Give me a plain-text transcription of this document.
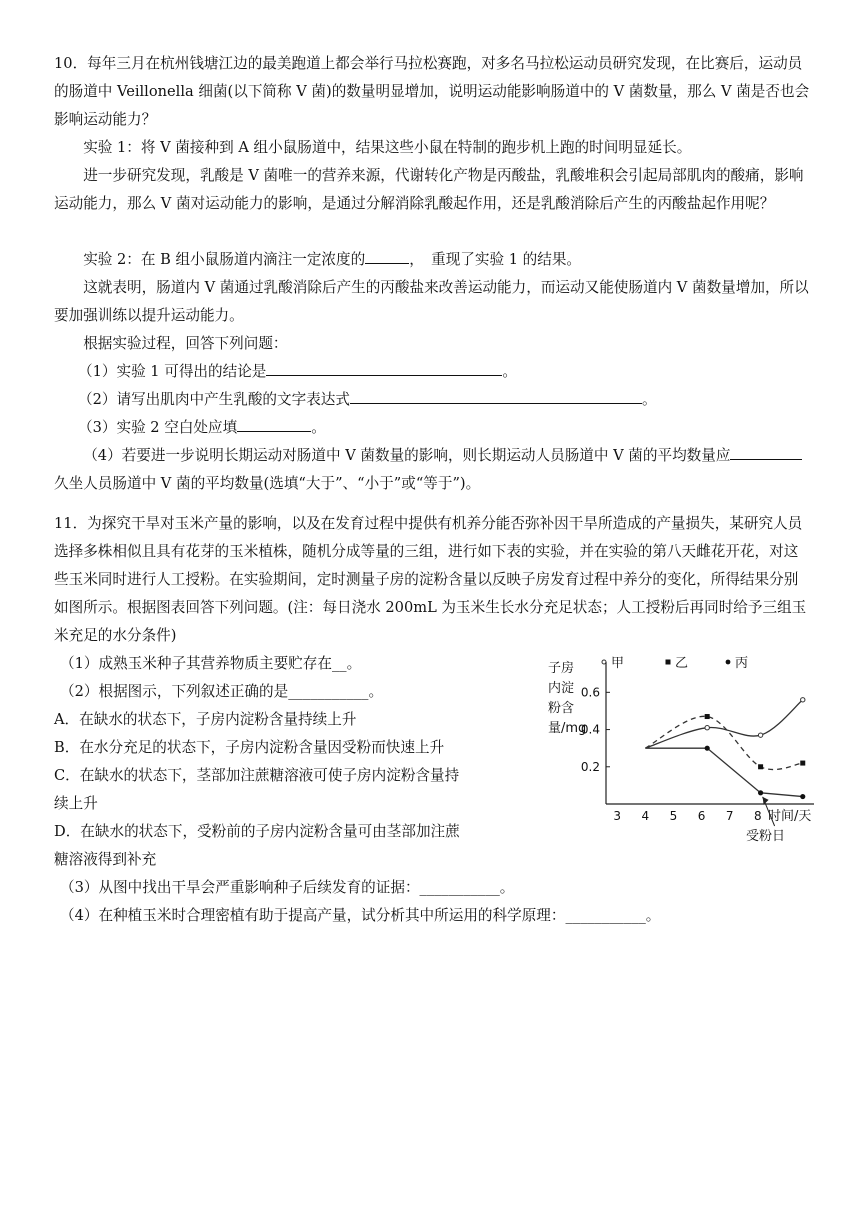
10．每年三月在杭州钱塘江边的最美跑道上都会举行马拉松赛跑，对多名马拉松运动员研究发现，在比赛后，运动员的肠道中 Veillonella 细菌(以下简称 V 菌)的数量明显增加，说明运动能影响肠道中的 V 菌数量，那么 V 菌是否也会影响运动能力？

实验 1：将 V 菌接种到 A 组小鼠肠道中，结果这些小鼠在特制的跑步机上跑的时间明显延长。

进一步研究发现，乳酸是 V 菌唯一的营养来源，代谢转化产物是丙酸盐，乳酸堆积会引起局部肌肉的酸痛，影响运动能力，那么 V 菌对运动能力的影响，是通过分解消除乳酸起作用，还是乳酸消除后产生的丙酸盐起作用呢？

实验 2：在 B 组小鼠肠道内滴注一定浓度的	，　重现了实验 1 的结果。

这就表明，肠道内 V 菌通过乳酸消除后产生的丙酸盐来改善运动能力，而运动又能使肠道内 V 菌数量增加，所以要加强训练以提升运动能力。

根据实验过程，回答下列问题：

（1）实验 1 可得出的结论是	。

（2）请写出肌肉中产生乳酸的文字表达式	。

（3）实验 2 空白处应填	。

（4）若要进一步说明长期运动对肠道中 V 菌数量的影响，则长期运动人员肠道中 V 菌的平均数量应久坐人员肠道中 V 菌的平均数量(选填“大于”、“小于”或“等于”)。

11．为探究干旱对玉米产量的影响，以及在发育过程中提供有机养分能否弥补因干旱所造成的产量损失，某研究人员选择多株相似且具有花芽的玉米植株，随机分成等量的三组，进行如下表的实验，并在实验的第八天雌花开花，对这些玉米同时进行人工授粉。在实验期间，定时测量子房的淀粉含量以反映子房发育过程中养分的变化，所得结果分别如图所示。根据图表回答下列问题。(注：每日浇水 200mL 为玉米生长水分充足状态；人工授粉后再同时给予三组玉米充足的水分条件)

（1）成熟玉米种子其营养物质主要贮存在__。

（2）根据图示，下列叙述正确的是___________。

A．在缺水的状态下，子房内淀粉含量持续上升

B．在水分充足的状态下，子房内淀粉含量因受粉而快速上升

C．在缺水的状态下，茎部加注蔗糖溶液可使子房内淀粉含量持

续上升

D．在缺水的状态下，受粉前的子房内淀粉含量可由茎部加注蔗

糖溶液得到补充

（3）从图中找出干旱会严重影响种子后续发育的证据：___________。

（4）在种植玉米时合理密植有助于提高产量，试分析其中所运用的科学原理：___________。

子房
内淀
粉含
量/mg
甲	乙	丙
3 4 5 6 7 8
0.2
0.4
0.6
时间/天
受粉日
